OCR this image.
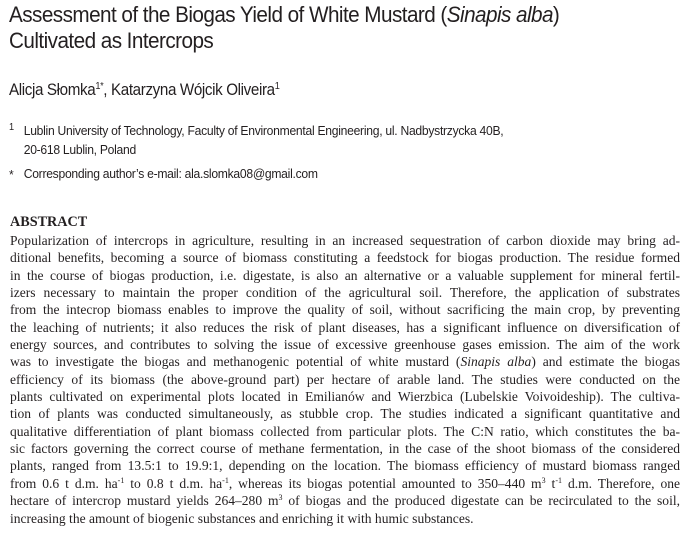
Assessment of the Biogas Yield of White Mustard (Sinapis alba)
Cultivated as Intercrops
Alicja Słomka$^{1*}$, Katarzyna Wójcik Oliveira$^1$
1 Lublin University of Technology, Faculty of Environmental Engineering, ul. Nadbystrzycka 40B,
20-618 Lublin, Poland
* Corresponding author’s e-mail: ala.slomka08@gmail.com
ABSTRACT
Popularization of intercrops in agriculture, resulting in an increased sequestration of carbon dioxide may bring ad-
ditional benefits, becoming a source of biomass constituting a feedstock for biogas production. The residue formed
in the course of biogas production, i.e. digestate, is also an alternative or a valuable supplement for mineral fertil-
izers necessary to maintain the proper condition of the agricultural soil. Therefore, the application of substrates
from the intecrop biomass enables to improve the quality of soil, without sacrificing the main crop, by preventing
the leaching of nutrients; it also reduces the risk of plant diseases, has a significant influence on diversification of
energy sources, and contributes to solving the issue of excessive greenhouse gases emission. The aim of the work
was to investigate the biogas and methanogenic potential of white mustard (Sinapis alba) and estimate the biogas
efficiency of its biomass (the above-ground part) per hectare of arable land. The studies were conducted on the
plants cultivated on experimental plots located in Emilianów and Wierzbica (Lubelskie Voivoideship). The cultiva-
tion of plants was conducted simultaneously, as stubble crop. The studies indicated a significant quantitative and
qualitative differentiation of plant biomass collected from particular plots. The C:N ratio, which constitutes the ba-
sic factors governing the correct course of methane fermentation, in the case of the shoot biomass of the considered
plants, ranged from 13.5:1 to 19.9:1, depending on the location. The biomass efficiency of mustard biomass ranged
from 0.6 t d.m. $ha^{-1}$ to 0.8 t d.m. $ha^{-1}$, whereas its biogas potential amounted to 350–440 $m^3$ $t^{-1}$ d.m. Therefore, one
hectare of intercrop mustard yields 264–280 $m^3$ of biogas and the produced digestate can be recirculated to the soil,
increasing the amount of biogenic substances and enriching it with humic substances.
